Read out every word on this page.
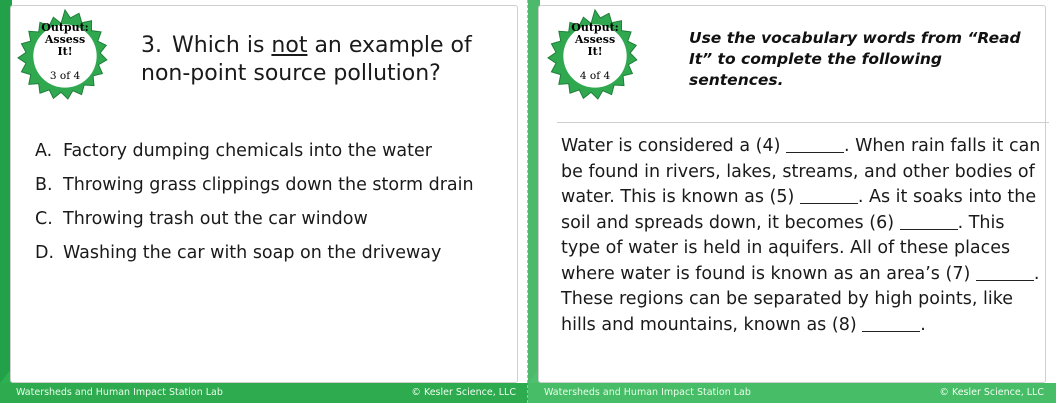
Output:
Assess
It!
3 of 4
3. Which is not an example of non-point source pollution?
A. Factory dumping chemicals into the water
B. Throwing grass clippings down the storm drain
C. Throwing trash out the car window
D. Washing the car with soap on the driveway
Watersheds and Human Impact Station Lab	© Kesler Science, LLC
Output:
Assess
It!
4 of 4
Use the vocabulary words from “Read It” to complete the following sentences.
Water is considered a (4)	. When rain falls it can be found in rivers, lakes, streams, and other bodies of water. This is known as (5)	. As it soaks into the soil and spreads down, it becomes (6)	. This type of water is held in aquifers. All of these places where water is found is known as an area’s (7)	. These regions can be separated by high points, like hills and mountains, known as (8)	.
Watersheds and Human Impact Station Lab	© Kesler Science, LLC
